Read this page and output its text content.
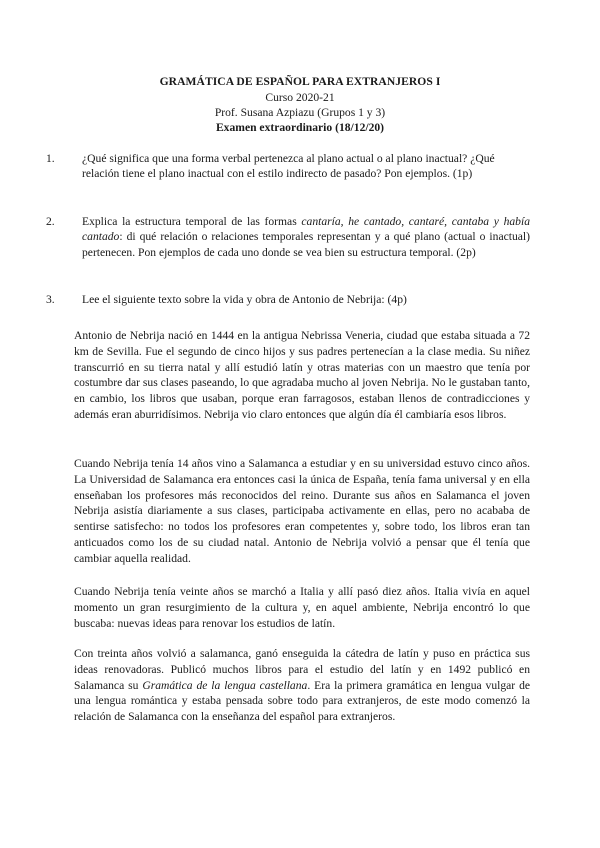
GRAMÁTICA DE ESPAÑOL PARA EXTRANJEROS I
Curso 2020-21
Prof. Susana Azpiazu (Grupos 1 y 3)
Examen extraordinario (18/12/20)
1. ¿Qué significa que una forma verbal pertenezca al plano actual o al plano inactual? ¿Qué relación tiene el plano inactual con el estilo indirecto de pasado? Pon ejemplos. (1p)

2. Explica la estructura temporal de las formas cantaría, he cantado, cantaré, cantaba y había cantado: di qué relación o relaciones temporales representan y a qué plano (actual o inactual) pertenecen. Pon ejemplos de cada uno donde se vea bien su estructura temporal. (2p)

3. Lee el siguiente texto sobre la vida y obra de Antonio de Nebrija: (4p)

Antonio de Nebrija nació en 1444 en la antigua Nebrissa Veneria, ciudad que estaba situada a 72 km de Sevilla. Fue el segundo de cinco hijos y sus padres pertenecían a la clase media. Su niñez transcurrió en su tierra natal y allí estudió latín y otras materias con un maestro que tenía por costumbre dar sus clases paseando, lo que agradaba mucho al joven Nebrija. No le gustaban tanto, en cambio, los libros que usaban, porque eran farragosos, estaban llenos de contradicciones y además eran aburridísimos. Nebrija vio claro entonces que algún día él cambiaría esos libros.

Cuando Nebrija tenía 14 años vino a Salamanca a estudiar y en su universidad estuvo cinco años. La Universidad de Salamanca era entonces casi la única de España, tenía fama universal y en ella enseñaban los profesores más reconocidos del reino. Durante sus años en Salamanca el joven Nebrija asistía diariamente a sus clases, participaba activamente en ellas, pero no acababa de sentirse satisfecho: no todos los profesores eran competentes y, sobre todo, los libros eran tan anticuados como los de su ciudad natal. Antonio de Nebrija volvió a pensar que él tenía que cambiar aquella realidad.

Cuando Nebrija tenía veinte años se marchó a Italia y allí pasó diez años. Italia vivía en aquel momento un gran resurgimiento de la cultura y, en aquel ambiente, Nebrija encontró lo que buscaba: nuevas ideas para renovar los estudios de latín.

Con treinta años volvió a salamanca, ganó enseguida la cátedra de latín y puso en práctica sus ideas renovadoras. Publicó muchos libros para el estudio del latín y en 1492 publicó en Salamanca su Gramática de la lengua castellana. Era la primera gramática en lengua vulgar de una lengua romántica y estaba pensada sobre todo para extranjeros, de este modo comenzó la relación de Salamanca con la enseñanza del español para extranjeros.
